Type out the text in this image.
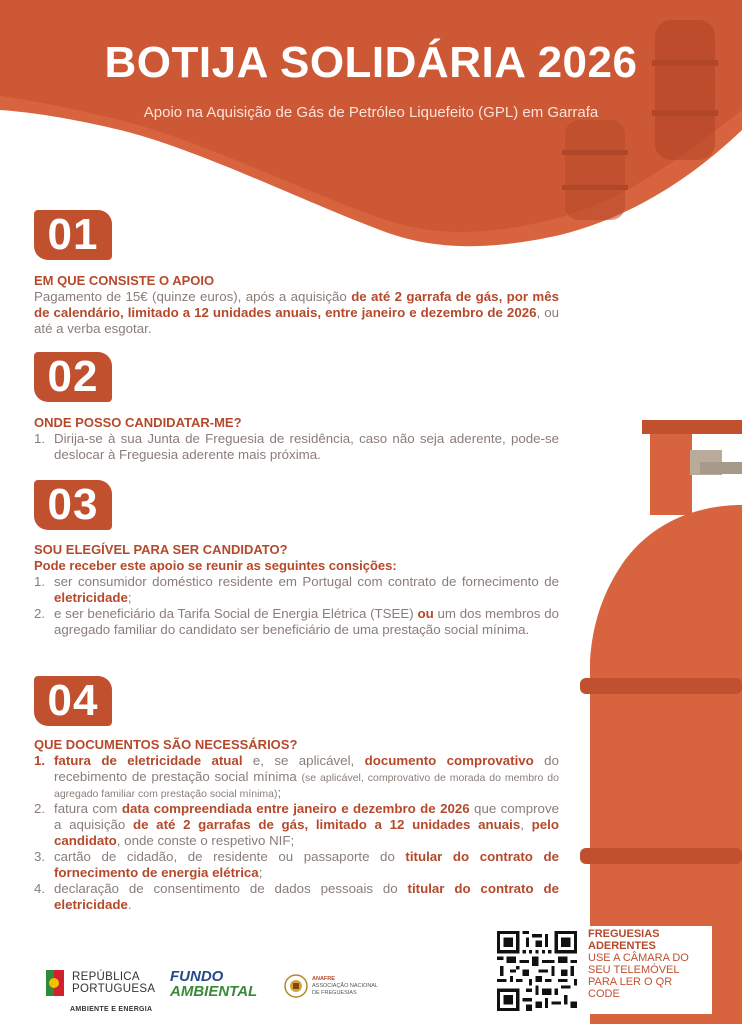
BOTIJA SOLIDÁRIA 2026
Apoio na Aquisição de Gás de Petróleo Liquefeito (GPL) em Garrafa
01
EM QUE CONSISTE O APOIO
Pagamento de 15€ (quinze euros), após a aquisição de até 2 garrafa de gás, por mês de calendário, limitado a 12 unidades anuais, entre janeiro e dezembro de 2026, ou até a verba esgotar.
02
ONDE POSSO CANDIDATAR-ME?
1. Dirija-se à sua Junta de Freguesia de residência, caso não seja aderente, pode-se deslocar à Freguesia aderente mais próxima.
03
SOU ELEGÍVEL PARA SER CANDIDATO?
Pode receber este apoio se reunir as seguintes consições:
1. ser consumidor doméstico residente em Portugal com contrato de fornecimento de eletricidade;
2. e ser beneficiário da Tarifa Social de Energia Elétrica (TSEE) ou um dos membros do agregado familiar do candidato ser beneficiário de uma prestação social mínima.
04
QUE DOCUMENTOS SÃO NECESSÁRIOS?
1. fatura de eletricidade atual e, se aplicável, documento comprovativo do recebimento de prestação social mínima (se aplicável, comprovativo de morada do membro do agregado familiar com prestação social mínima);
2. fatura com data compreendiada entre janeiro e dezembro de 2026 que comprove a aquisição de até 2 garrafas de gás, limitado a 12 unidades anuais, pelo candidato, onde conste o respetivo NIF;
3. cartão de cidadão, de residente ou passaporte do titular do contrato de fornecimento de energia elétrica;
4. declaração de consentimento de dados pessoais do titular do contrato de eletricidade.
REPÚBLICA
PORTUGUESA
AMBIENTE E ENERGIA
FUNDO
AMBIENTAL
ANAFRE
ASSOCIAÇÃO NACIONAL
DE FREGUESIAS
FREGUESIAS
ADERENTES
USE A CÂMARA DO
SEU TELEMÓVEL
PARA LER O QR
CODE
